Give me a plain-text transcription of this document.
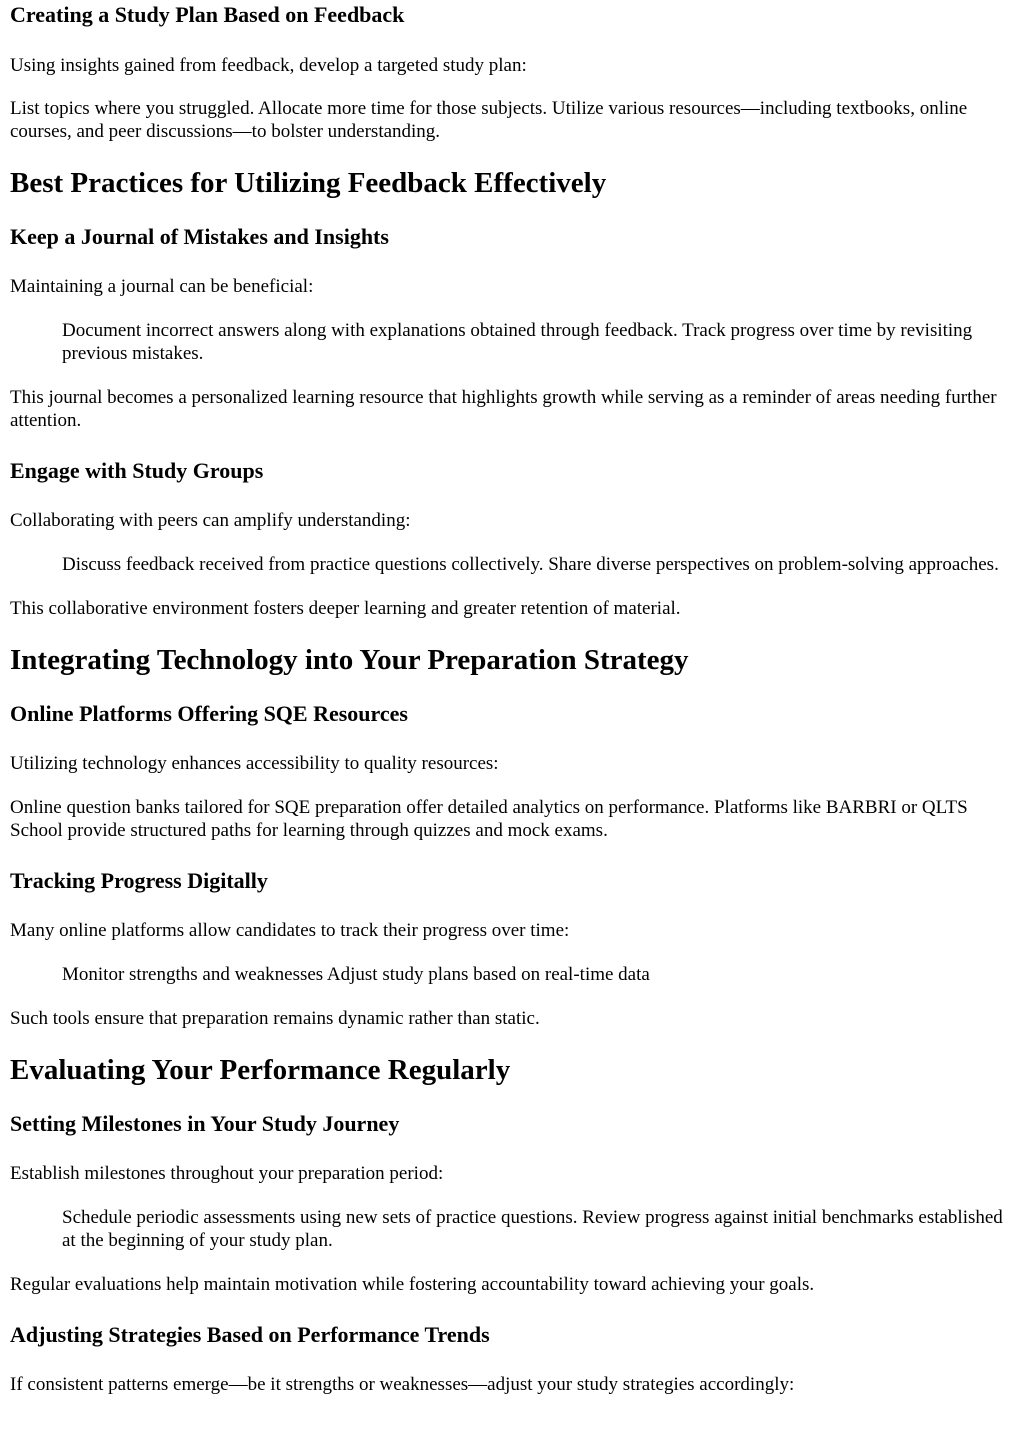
Creating a Study Plan Based on Feedback

Using insights gained from feedback, develop a targeted study plan:

List topics where you struggled. Allocate more time for those subjects. Utilize various resources—including textbooks, online courses, and peer discussions—to bolster understanding.

Best Practices for Utilizing Feedback Effectively
Keep a Journal of Mistakes and Insights

Maintaining a journal can be beneficial:

Document incorrect answers along with explanations obtained through feedback. Track progress over time by revisiting previous mistakes.

This journal becomes a personalized learning resource that highlights growth while serving as a reminder of areas needing further attention.

Engage with Study Groups

Collaborating with peers can amplify understanding:

Discuss feedback received from practice questions collectively. Share diverse perspectives on problem-solving approaches.

This collaborative environment fosters deeper learning and greater retention of material.

Integrating Technology into Your Preparation Strategy
Online Platforms Offering SQE Resources

Utilizing technology enhances accessibility to quality resources:

Online question banks tailored for SQE preparation offer detailed analytics on performance. Platforms like BARBRI or QLTS School provide structured paths for learning through quizzes and mock exams.

Tracking Progress Digitally

Many online platforms allow candidates to track their progress over time:

Monitor strengths and weaknesses Adjust study plans based on real-time data

Such tools ensure that preparation remains dynamic rather than static.

Evaluating Your Performance Regularly
Setting Milestones in Your Study Journey

Establish milestones throughout your preparation period:

Schedule periodic assessments using new sets of practice questions. Review progress against initial benchmarks established at the beginning of your study plan.

Regular evaluations help maintain motivation while fostering accountability toward achieving your goals.

Adjusting Strategies Based on Performance Trends

If consistent patterns emerge—be it strengths or weaknesses—adjust your study strategies accordingly:
